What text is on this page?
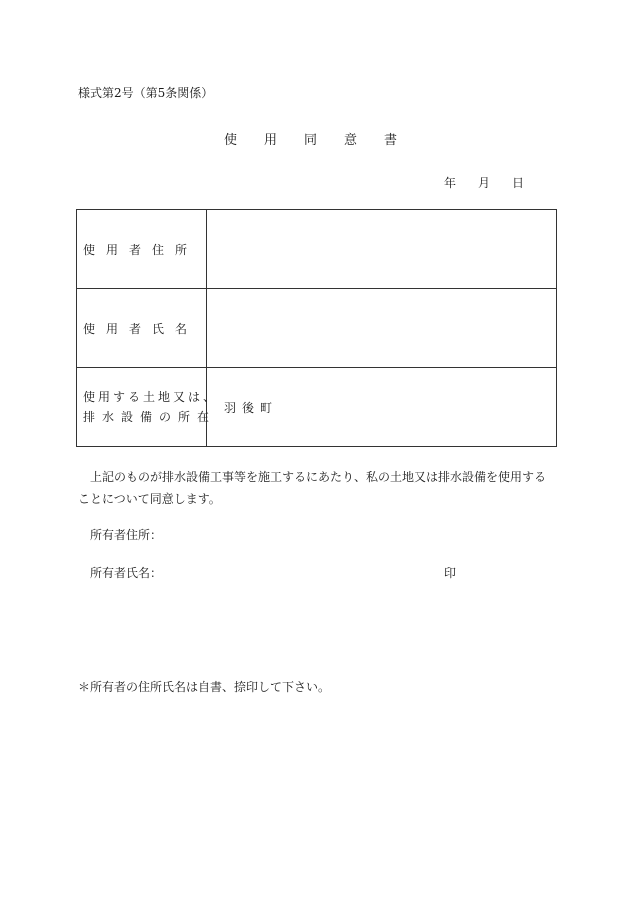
様式第2号（第5条関係）
使用同意書
年 月 日
使用者住所	

使用者氏名	

使用する土地又は、
排水設備の所在	羽後町
上記のものが排水設備工事等を施工するにあたり、私の土地又は排水設備を使用することについて同意します。
所有者住所：
所有者氏名：	印
＊所有者の住所氏名は自書、捺印して下さい。
